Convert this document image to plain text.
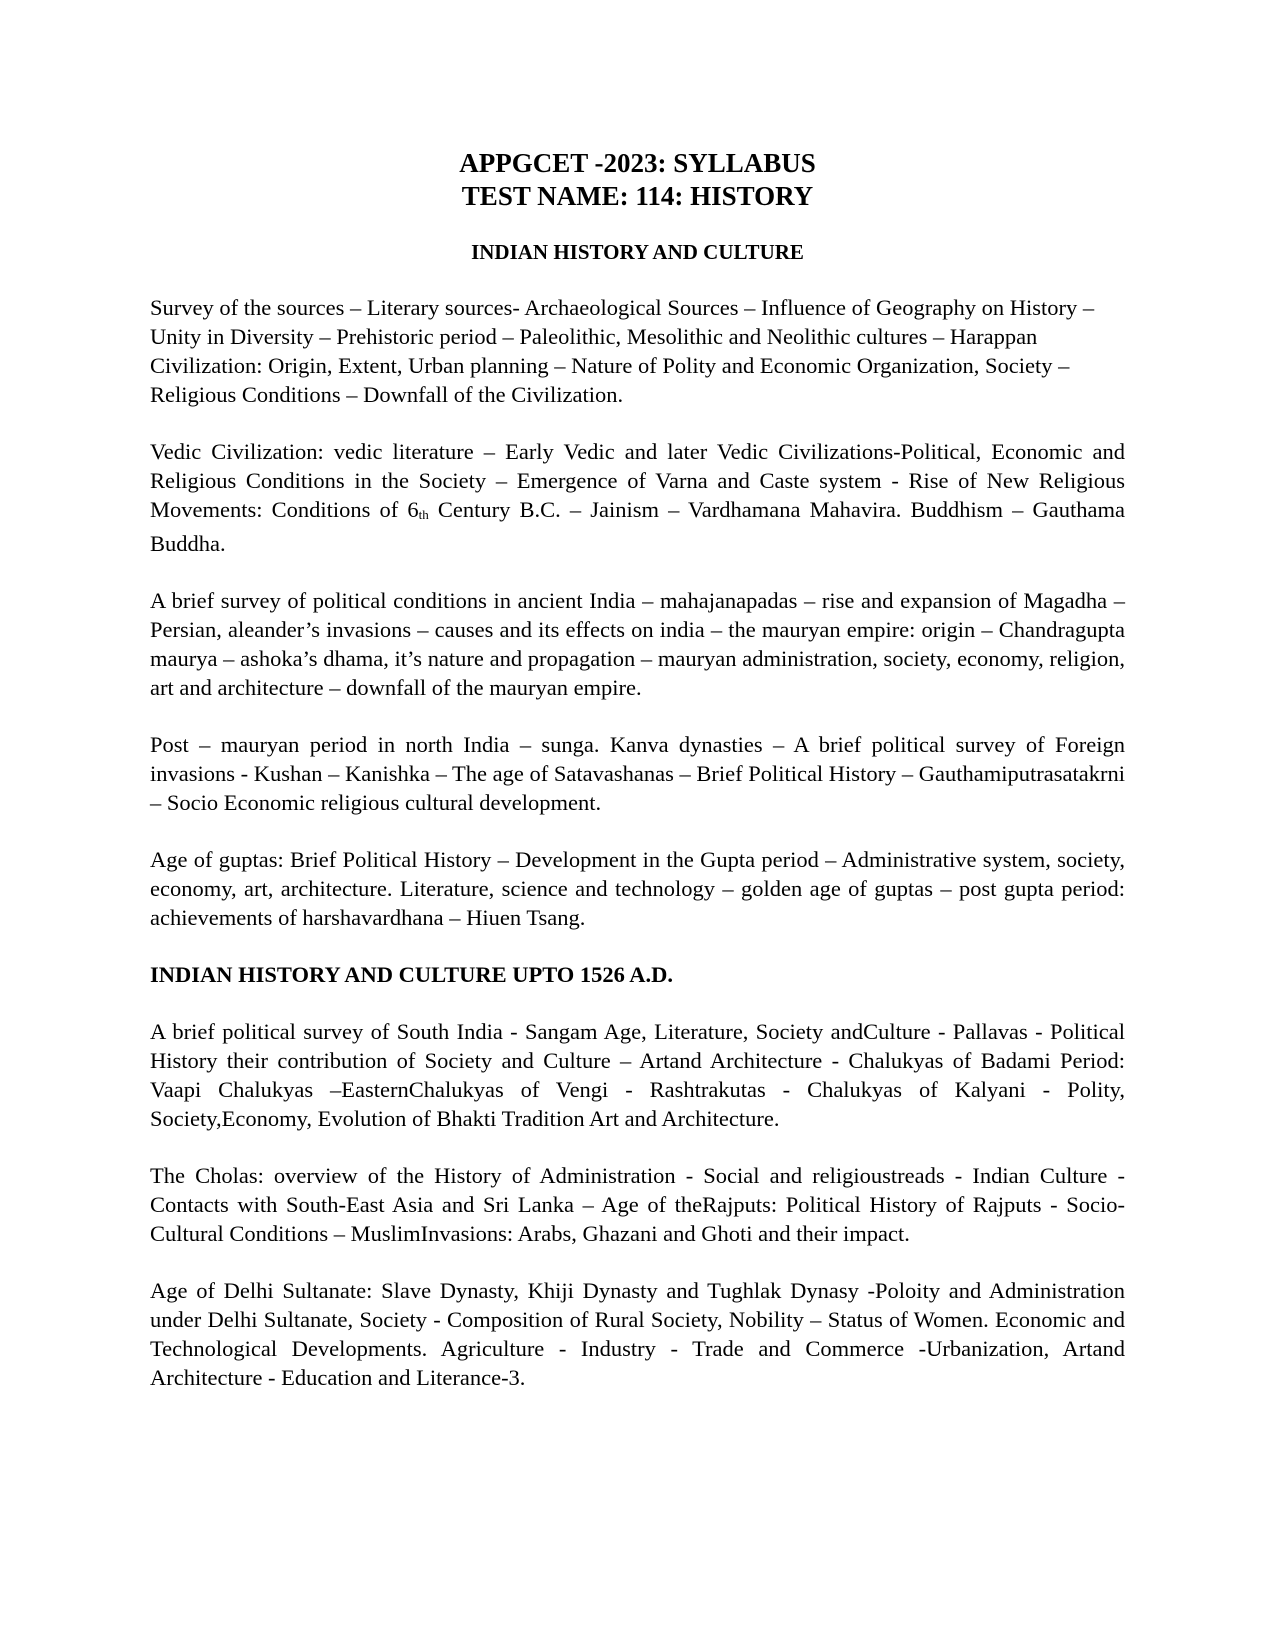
APPGCET -2023: SYLLABUS
TEST NAME: 114: HISTORY
INDIAN HISTORY AND CULTURE

Survey of the sources – Literary sources- Archaeological Sources – Influence of Geography on History – Unity in Diversity – Prehistoric period – Paleolithic, Mesolithic and Neolithic cultures – Harappan Civilization: Origin, Extent, Urban planning – Nature of Polity and Economic Organization, Society – Religious Conditions – Downfall of the Civilization.

Vedic Civilization: vedic literature – Early Vedic and later Vedic Civilizations-Political, Economic and Religious Conditions in the Society – Emergence of Varna and Caste system - Rise of New Religious Movements: Conditions of $6_{th}$ Century B.C. – Jainism – Vardhamana Mahavira. Buddhism – Gauthama Buddha.

A brief survey of political conditions in ancient India – mahajanapadas – rise and expansion of Magadha – Persian, aleander’s invasions – causes and its effects on india – the mauryan empire: origin – Chandragupta maurya – ashoka’s dhama, it’s nature and propagation – mauryan administration, society, economy, religion, art and architecture – downfall of the mauryan empire.

Post – mauryan period in north India – sunga. Kanva dynasties – A brief political survey of Foreign invasions - Kushan – Kanishka – The age of Satavashanas – Brief Political History – Gauthamiputrasatakrni – Socio Economic religious cultural development.

Age of guptas: Brief Political History – Development in the Gupta period – Administrative system, society, economy, art, architecture. Literature, science and technology – golden age of guptas – post gupta period: achievements of harshavardhana – Hiuen Tsang.

INDIAN HISTORY AND CULTURE UPTO 1526 A.D.

A brief political survey of South India - Sangam Age, Literature, Society andCulture - Pallavas - Political History their contribution of Society and Culture – Artand Architecture - Chalukyas of Badami Period: Vaapi Chalukyas –EasternChalukyas of Vengi - Rashtrakutas - Chalukyas of Kalyani - Polity, Society,Economy, Evolution of Bhakti Tradition Art and Architecture.

The Cholas: overview of the History of Administration - Social and religioustreads - Indian Culture - Contacts with South-East Asia and Sri Lanka – Age of theRajputs: Political History of Rajputs - Socio-Cultural Conditions – MuslimInvasions: Arabs, Ghazani and Ghoti and their impact.

Age of Delhi Sultanate: Slave Dynasty, Khiji Dynasty and Tughlak Dynasy -Poloity and Administration under Delhi Sultanate, Society - Composition of Rural Society, Nobility – Status of Women. Economic and Technological Developments. Agriculture - Industry - Trade and Commerce -Urbanization, Artand Architecture - Education and Literance-3.
